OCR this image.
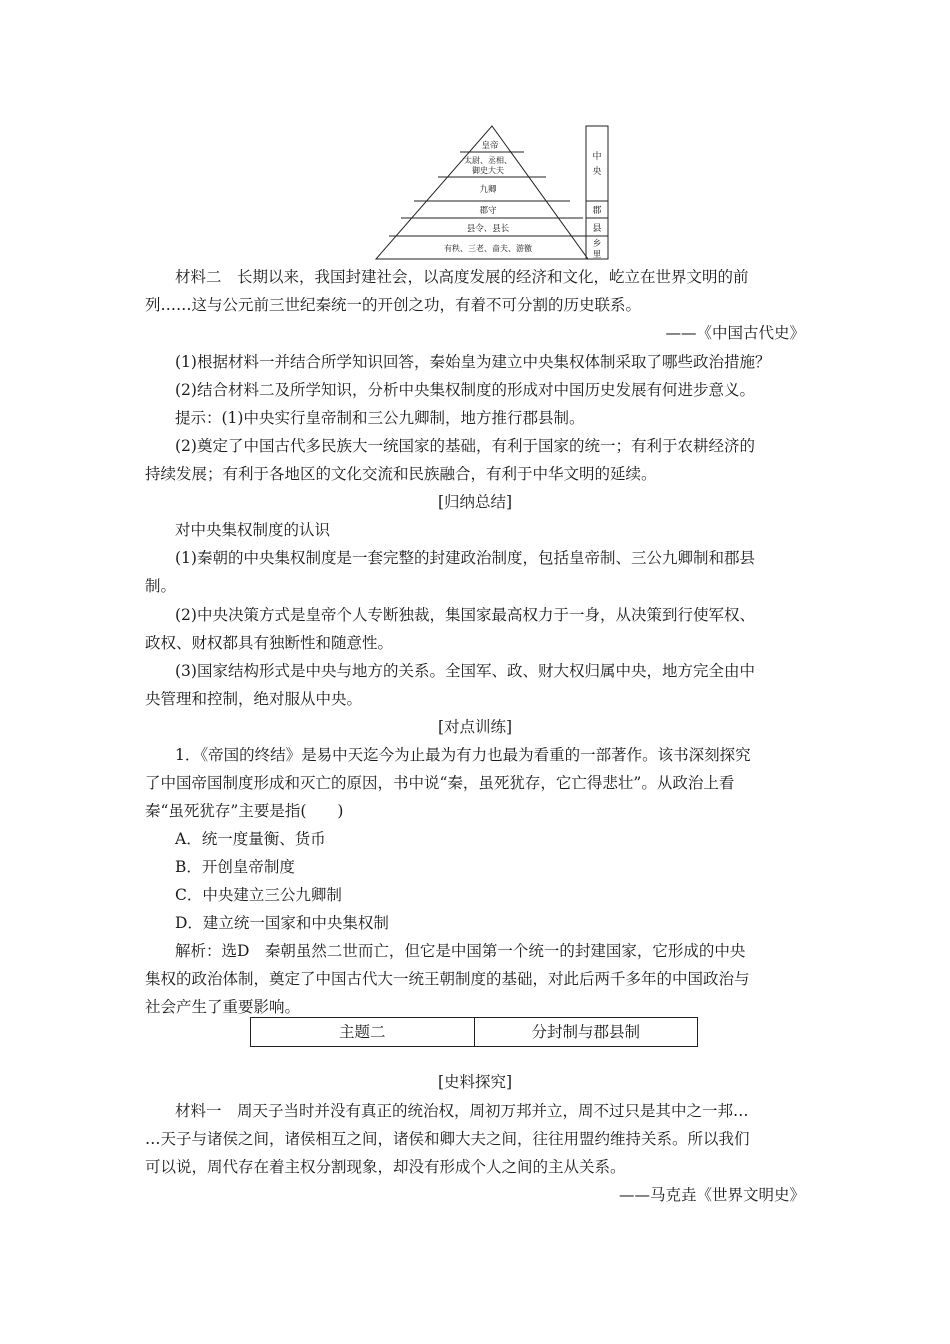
皇帝
太尉、丞相、
御史大夫
九卿
郡守
县令、县长
有秩、三老、啬夫、游徼
中
央
郡
县
乡
里
材料二　长期以来，我国封建社会，以高度发展的经济和文化，屹立在世界文明的前
列……这与公元前三世纪秦统一的开创之功，有着不可分割的历史联系。
——《中国古代史》
(1)根据材料一并结合所学知识回答，秦始皇为建立中央集权体制采取了哪些政治措施？
(2)结合材料二及所学知识，分析中央集权制度的形成对中国历史发展有何进步意义。
提示：(1)中央实行皇帝制和三公九卿制，地方推行郡县制。
(2)奠定了中国古代多民族大一统国家的基础，有利于国家的统一；有利于农耕经济的
持续发展；有利于各地区的文化交流和民族融合，有利于中华文明的延续。
[归纳总结]
对中央集权制度的认识
(1)秦朝的中央集权制度是一套完整的封建政治制度，包括皇帝制、三公九卿制和郡县
制。
(2)中央决策方式是皇帝个人专断独裁，集国家最高权力于一身，从决策到行使军权、
政权、财权都具有独断性和随意性。
(3)国家结构形式是中央与地方的关系。全国军、政、财大权归属中央，地方完全由中
央管理和控制，绝对服从中央。
[对点训练]
1．《帝国的终结》是易中天迄今为止最为有力也最为看重的一部著作。该书深刻探究
了中国帝国制度形成和灭亡的原因，书中说“秦，虽死犹存，它亡得悲壮”。从政治上看
秦“虽死犹存”主要是指(　　)
A．统一度量衡、货币
B．开创皇帝制度
C．中央建立三公九卿制
D．建立统一国家和中央集权制
解析：选D　秦朝虽然二世而亡，但它是中国第一个统一的封建国家，它形成的中央
集权的政治体制，奠定了中国古代大一统王朝制度的基础，对此后两千多年的中国政治与
社会产生了重要影响。
主题二	分封制与郡县制
[史料探究]
材料一　周天子当时并没有真正的统治权，周初万邦并立，周不过只是其中之一邦…
…天子与诸侯之间，诸侯相互之间，诸侯和卿大夫之间，往往用盟约维持关系。所以我们
可以说，周代存在着主权分割现象，却没有形成个人之间的主从关系。
——马克垚《世界文明史》
